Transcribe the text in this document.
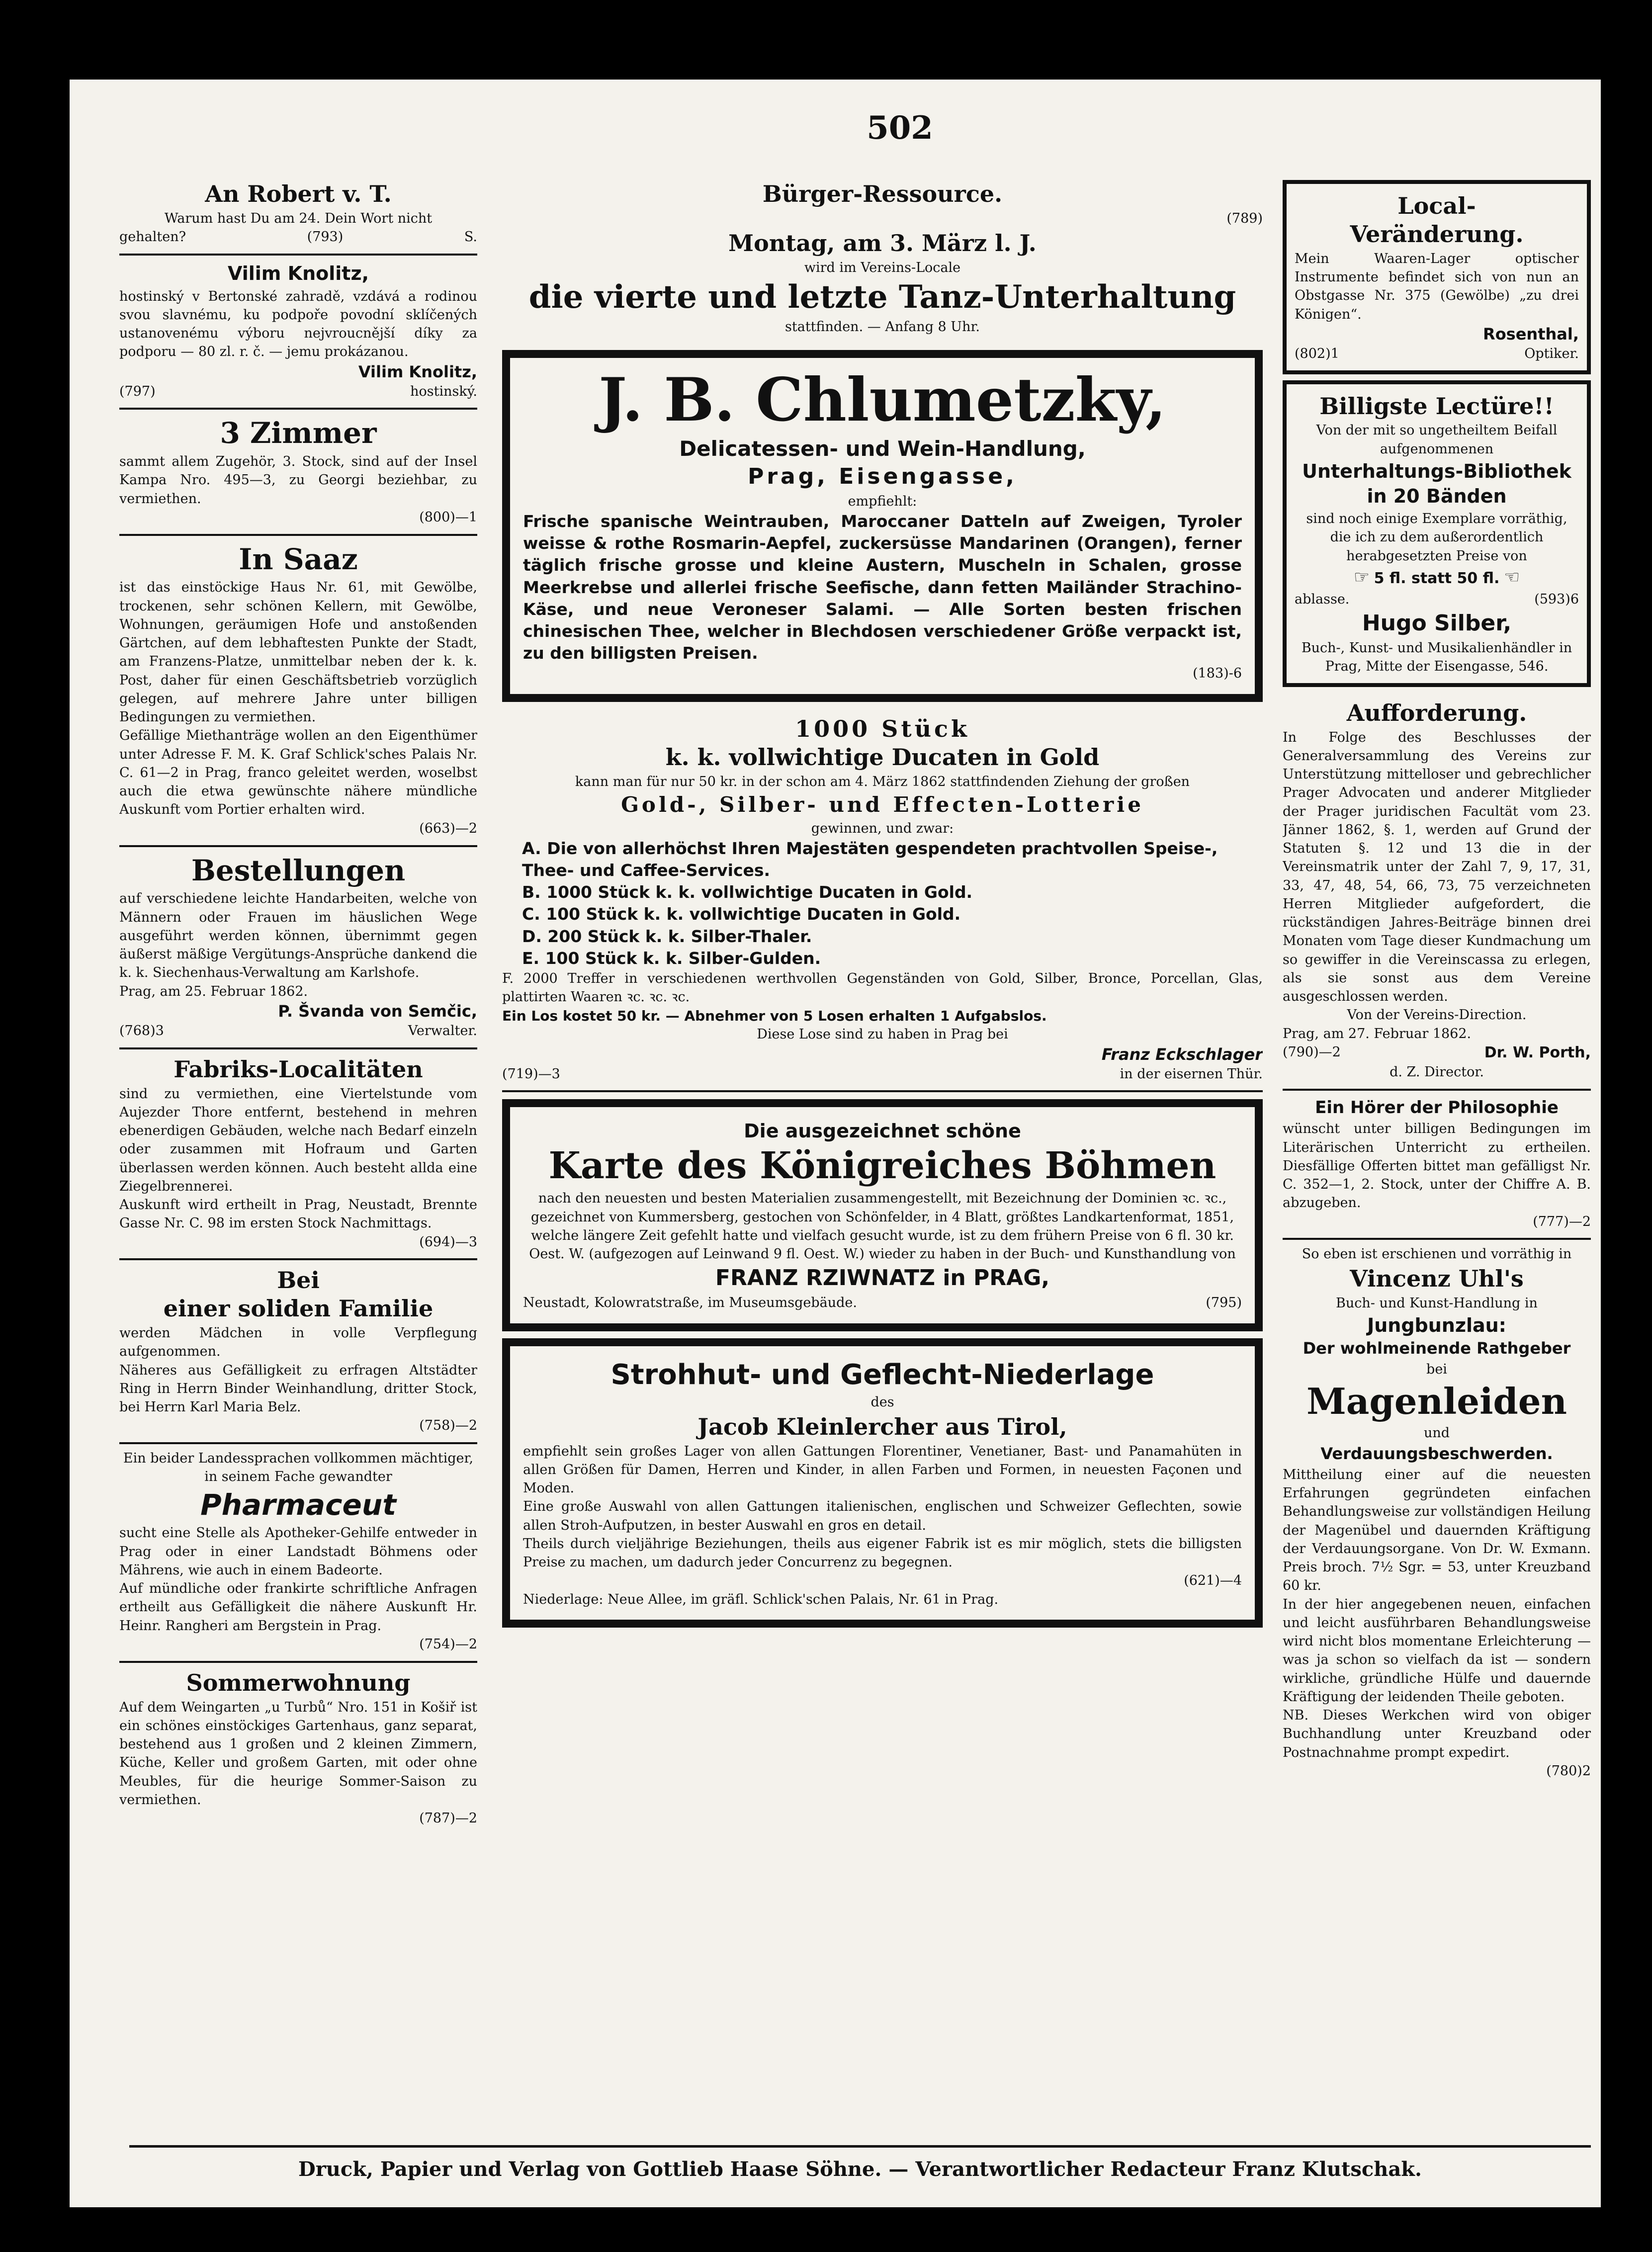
502
An Robert v. T.

Warum hast Du am 24. Dein Wort nicht

gehalten?	(793)	S.
Vilim Knolitz,

hostinský v Bertonské zahradě, vzdává a rodinou svou slavnému, ku podpoře povodní sklíčených ustanovenému výboru nejvroucnější díky za podporu — 80 zl. r. č. — jemu prokázanou.

Vilim Knolitz,
(797)	hostinský.
3 Zimmer

sammt allem Zugehör, 3. Stock, sind auf der Insel Kampa Nro. 495—3, zu Georgi beziehbar, zu vermiethen.

(800)—1
In Saaz

ist das einstöckige Haus Nr. 61, mit Gewölbe, trockenen, sehr schönen Kellern, mit Gewölbe, Wohnungen, geräumigen Hofe und anstoßenden Gärtchen, auf dem lebhaftesten Punkte der Stadt, am Franzens-Platze, unmittelbar neben der k. k. Post, daher für einen Geschäftsbetrieb vorzüglich gelegen, auf mehrere Jahre unter billigen Bedingungen zu vermiethen.

Gefällige Miethanträge wollen an den Eigenthümer unter Adresse F. M. K. Graf Schlick'sches Palais Nr. C. 61—2 in Prag, franco geleitet werden, woselbst auch die etwa gewünschte nähere mündliche Auskunft vom Portier erhalten wird.

(663)—2
Bestellungen

auf verschiedene leichte Handarbeiten, welche von Männern oder Frauen im häuslichen Wege ausgeführt werden können, übernimmt gegen äußerst mäßige Vergütungs-Ansprüche dankend die k. k. Siechenhaus-Verwaltung am Karlshofe.

Prag, am 25. Februar 1862.

P. Švanda von Semčic,
(768)3	Verwalter.
Fabriks-Localitäten

sind zu vermiethen, eine Viertelstunde vom Aujezder Thore entfernt, bestehend in mehren ebenerdigen Gebäuden, welche nach Bedarf einzeln oder zusammen mit Hofraum und Garten überlassen werden können. Auch besteht allda eine Ziegelbrennerei.

Auskunft wird ertheilt in Prag, Neustadt, Brennte Gasse Nr. C. 98 im ersten Stock Nachmittags.

(694)—3
Bei
einer soliden Familie

werden Mädchen in volle Verpflegung aufgenommen.

Näheres aus Gefälligkeit zu erfragen Altstädter Ring in Herrn Binder Weinhandlung, dritter Stock, bei Herrn Karl Maria Belz.

(758)—2

Ein beider Landessprachen vollkommen mächtiger, in seinem Fache gewandter

Pharmaceut

sucht eine Stelle als Apotheker-Gehilfe entweder in Prag oder in einer Landstadt Böhmens oder Mährens, wie auch in einem Badeorte.

Auf mündliche oder frankirte schriftliche Anfragen ertheilt aus Gefälligkeit die nähere Auskunft Hr. Heinr. Rangheri am Bergstein in Prag.

(754)—2
Sommerwohnung

Auf dem Weingarten „u Turbů“ Nro. 151 in Košiř ist ein schönes einstöckiges Gartenhaus, ganz separat, bestehend aus 1 großen und 2 kleinen Zimmern, Küche, Keller und großem Garten, mit oder ohne Meubles, für die heurige Sommer-Saison zu vermiethen.

(787)—2
Bürger-Ressource.
(789)
Montag, am 3. März l. J.

wird im Vereins-Locale

die vierte und letzte Tanz-Unterhaltung

stattfinden. — Anfang 8 Uhr.

J. B. Chlumetzky,
Delicatessen- und Wein-Handlung,
Prag, Eisengasse,

empfiehlt:

Frische spanische Weintrauben, Maroccaner Datteln auf Zweigen, Tyroler weisse & rothe Rosmarin-Aepfel, zuckersüsse Mandarinen (Orangen), ferner täglich frische grosse und kleine Austern, Muscheln in Schalen, grosse Meerkrebse und allerlei frische Seefische, dann fetten Mailänder Strachino-Käse, und neue Veroneser Salami. — Alle Sorten besten frischen chinesischen Thee, welcher in Blechdosen verschiedener Größe verpackt ist, zu den billigsten Preisen.

(183)-6
1000 Stück
k. k. vollwichtige Ducaten in Gold

kann man für nur 50 kr. in der schon am 4. März 1862 stattfindenden Ziehung der großen

Gold-, Silber- und Effecten-Lotterie

gewinnen, und zwar:

A. Die von allerhöchst Ihren Majestäten gespendeten prachtvollen Speise-, Thee- und Caffee-Services.

B. 1000 Stück k. k. vollwichtige Ducaten in Gold.

C. 100 Stück k. k. vollwichtige Ducaten in Gold.

D. 200 Stück k. k. Silber-Thaler.

E. 100 Stück k. k. Silber-Gulden.

F. 2000 Treffer in verschiedenen werthvollen Gegenständen von Gold, Silber, Bronce, Porcellan, Glas, plattirten Waaren ꝛc. ꝛc. ꝛc.

Ein Los kostet 50 kr. — Abnehmer von 5 Losen erhalten 1 Aufgabslos.

Diese Lose sind zu haben in Prag bei

Franz Eckschlager
(719)—3	in der eisernen Thür.
Die ausgezeichnet schöne
Karte des Königreiches Böhmen

nach den neuesten und besten Materialien zusammengestellt, mit Bezeichnung der Dominien ꝛc. ꝛc., gezeichnet von Kummersberg, gestochen von Schönfelder, in 4 Blatt, größtes Landkartenformat, 1851, welche längere Zeit gefehlt hatte und vielfach gesucht wurde, ist zu dem frühern Preise von 6 fl. 30 kr. Oest. W. (aufgezogen auf Leinwand 9 fl. Oest. W.) wieder zu haben in der Buch- und Kunsthandlung von

FRANZ RZIWNATZ in PRAG,
Neustadt, Kolowratstraße, im Museumsgebäude.	(795)
Strohhut- und Geflecht-Niederlage

des

Jacob Kleinlercher aus Tirol,

empfiehlt sein großes Lager von allen Gattungen Florentiner, Venetianer, Bast- und Panamahüten in allen Größen für Damen, Herren und Kinder, in allen Farben und Formen, in neuesten Façonen und Moden.

Eine große Auswahl von allen Gattungen italienischen, englischen und Schweizer Geflechten, sowie allen Stroh-Aufputzen, in bester Auswahl en gros en detail.

Theils durch vieljährige Beziehungen, theils aus eigener Fabrik ist es mir möglich, stets die billigsten Preise zu machen, um dadurch jeder Concurrenz zu begegnen.

(621)—4

Niederlage: Neue Allee, im gräfl. Schlick'schen Palais, Nr. 61 in Prag.

Local-
Veränderung.

Mein Waaren-Lager optischer Instrumente befindet sich von nun an Obstgasse Nr. 375 (Gewölbe) „zu drei Königen“.

Rosenthal,
(802)1	Optiker.
Billigste Lectüre!!

Von der mit so ungetheiltem Beifall aufgenommenen

Unterhaltungs-Bibliothek
in 20 Bänden

sind noch einige Exemplare vorräthig, die ich zu dem außerordentlich herabgesetzten Preise von

☞ 5 fl. statt 50 fl. ☜
ablasse.	(593)6
Hugo Silber,

Buch-, Kunst- und Musikalienhändler in Prag, Mitte der Eisengasse, 546.

Aufforderung.

In Folge des Beschlusses der Generalversammlung des Vereins zur Unterstützung mittelloser und gebrechlicher Prager Advocaten und anderer Mitglieder der Prager juridischen Facultät vom 23. Jänner 1862, §. 1, werden auf Grund der Statuten §. 12 und 13 die in der Vereinsmatrik unter der Zahl 7, 9, 17, 31, 33, 47, 48, 54, 66, 73, 75 verzeichneten Herren Mitglieder aufgefordert, die rückständigen Jahres-Beiträge binnen drei Monaten vom Tage dieser Kundmachung um so gewiffer in die Vereinscassa zu erlegen, als sie sonst aus dem Vereine ausgeschlossen werden.

Von der Vereins-Direction.

Prag, am 27. Februar 1862.

(790)—2	Dr. W. Porth,

d. Z. Director.

Ein Hörer der Philosophie

wünscht unter billigen Bedingungen im Literärischen Unterricht zu ertheilen. Diesfällige Offerten bittet man gefälligst Nr. C. 352—1, 2. Stock, unter der Chiffre A. B. abzugeben.

(777)—2

So eben ist erschienen und vorräthig in

Vincenz Uhl's

Buch- und Kunst-Handlung in

Jungbunzlau:
Der wohlmeinende Rathgeber

bei

Magenleiden

und

Verdauungsbeschwerden.

Mittheilung einer auf die neuesten Erfahrungen gegründeten einfachen Behandlungsweise zur vollständigen Heilung der Magenübel und dauernden Kräftigung der Verdauungsorgane. Von Dr. W. Exmann. Preis broch. 7½ Sgr. = 53, unter Kreuzband 60 kr.

In der hier angegebenen neuen, einfachen und leicht ausführbaren Behandlungsweise wird nicht blos momentane Erleichterung — was ja schon so vielfach da ist — sondern wirkliche, gründliche Hülfe und dauernde Kräftigung der leidenden Theile geboten.

NB. Dieses Werkchen wird von obiger Buchhandlung unter Kreuzband oder Postnachnahme prompt expedirt.

(780)2
Druck, Papier und Verlag von Gottlieb Haase Söhne. — Verantwortlicher Redacteur Franz Klutschak.
